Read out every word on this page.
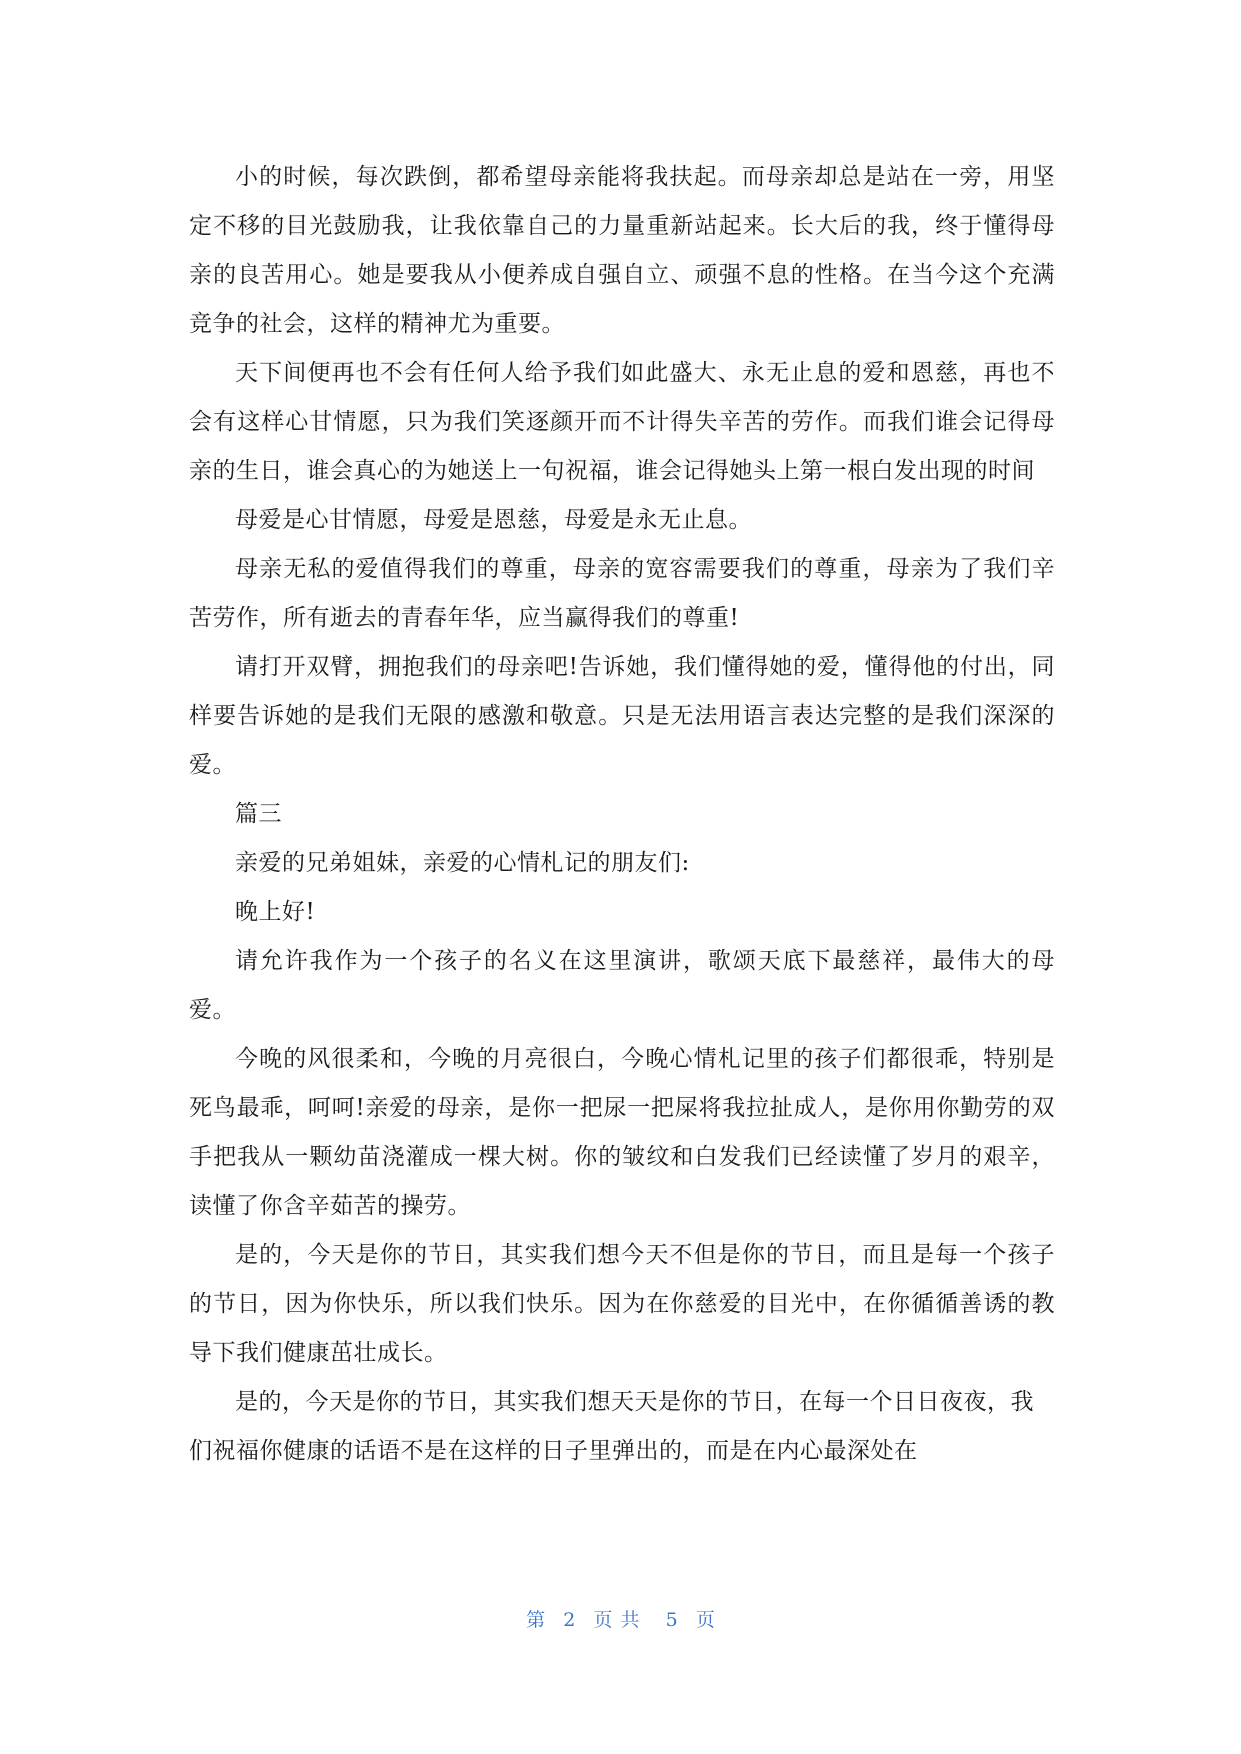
小的时候，每次跌倒，都希望母亲能将我扶起。而母亲却总是站在一旁，用坚定不移的目光鼓励我，让我依靠自己的力量重新站起来。长大后的我，终于懂得母亲的良苦用心。她是要我从小便养成自强自立、顽强不息的性格。在当今这个充满竞争的社会，这样的精神尤为重要。

天下间便再也不会有任何人给予我们如此盛大、永无止息的爱和恩慈，再也不会有这样心甘情愿，只为我们笑逐颜开而不计得失辛苦的劳作。而我们谁会记得母亲的生日，谁会真心的为她送上一句祝福，谁会记得她头上第一根白发出现的时间

母爱是心甘情愿，母爱是恩慈，母爱是永无止息。

母亲无私的爱值得我们的尊重，母亲的宽容需要我们的尊重，母亲为了我们辛苦劳作，所有逝去的青春年华，应当赢得我们的尊重!

请打开双臂，拥抱我们的母亲吧!告诉她，我们懂得她的爱，懂得他的付出，同样要告诉她的是我们无限的感激和敬意。只是无法用语言表达完整的是我们深深的爱。

篇三

亲爱的兄弟姐妹，亲爱的心情札记的朋友们:

晚上好!

请允许我作为一个孩子的名义在这里演讲，歌颂天底下最慈祥，最伟大的母爱。

今晚的风很柔和，今晚的月亮很白，今晚心情札记里的孩子们都很乖，特别是死鸟最乖，呵呵!亲爱的母亲，是你一把尿一把屎将我拉扯成人，是你用你勤劳的双手把我从一颗幼苗浇灌成一棵大树。你的皱纹和白发我们已经读懂了岁月的艰辛，读懂了你含辛茹苦的操劳。

是的，今天是你的节日，其实我们想今天不但是你的节日，而且是每一个孩子的节日，因为你快乐，所以我们快乐。因为在你慈爱的目光中，在你循循善诱的教导下我们健康茁壮成长。

是的，今天是你的节日，其实我们想天天是你的节日，在每一个日日夜夜，我们祝福你健康的话语不是在这样的日子里弹出的，而是在内心最深处在

第 2 页共 5 页
